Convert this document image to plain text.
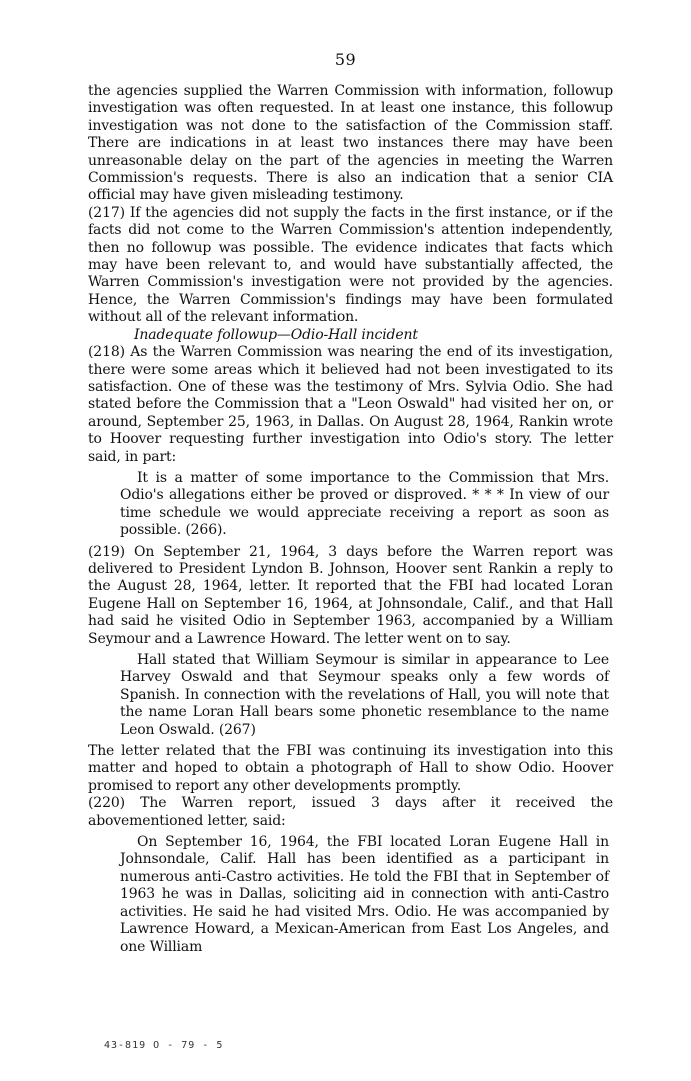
59

the agencies supplied the Warren Commission with information, followup investigation was often requested. In at least one instance, this followup investigation was not done to the satisfaction of the Commission staff. There are indications in at least two instances there may have been unreasonable delay on the part of the agencies in meeting the Warren Commission's requests. There is also an indication that a senior CIA official may have given misleading testimony.

(217) If the agencies did not supply the facts in the first instance, or if the facts did not come to the Warren Commission's attention independently, then no followup was possible. The evidence indicates that facts which may have been relevant to, and would have substantially affected, the Warren Commission's investigation were not provided by the agencies. Hence, the Warren Commission's findings may have been formulated without all of the relevant information.

Inadequate followup—Odio-Hall incident

(218) As the Warren Commission was nearing the end of its investigation, there were some areas which it believed had not been investigated to its satisfaction. One of these was the testimony of Mrs. Sylvia Odio. She had stated before the Commission that a "Leon Oswald" had visited her on, or around, September 25, 1963, in Dallas. On August 28, 1964, Rankin wrote to Hoover requesting further investigation into Odio's story. The letter said, in part:

It is a matter of some importance to the Commission that Mrs. Odio's allegations either be proved or disproved. * * * In view of our time schedule we would appreciate receiving a report as soon as possible. (266).

(219) On September 21, 1964, 3 days before the Warren report was delivered to President Lyndon B. Johnson, Hoover sent Rankin a reply to the August 28, 1964, letter. It reported that the FBI had located Loran Eugene Hall on September 16, 1964, at Johnsondale, Calif., and that Hall had said he visited Odio in September 1963, accompanied by a William Seymour and a Lawrence Howard. The letter went on to say.

Hall stated that William Seymour is similar in appearance to Lee Harvey Oswald and that Seymour speaks only a few words of Spanish. In connection with the revelations of Hall, you will note that the name Loran Hall bears some phonetic resemblance to the name Leon Oswald. (267)

The letter related that the FBI was continuing its investigation into this matter and hoped to obtain a photograph of Hall to show Odio. Hoover promised to report any other developments promptly.

(220) The Warren report, issued 3 days after it received the abovementioned letter, said:

On September 16, 1964, the FBI located Loran Eugene Hall in Johnsondale, Calif. Hall has been identified as a participant in numerous anti-Castro activities. He told the FBI that in September of 1963 he was in Dallas, soliciting aid in connection with anti-Castro activities. He said he had visited Mrs. Odio. He was accompanied by Lawrence Howard, a Mexican-American from East Los Angeles, and one William

43-819 O - 79 - 5
